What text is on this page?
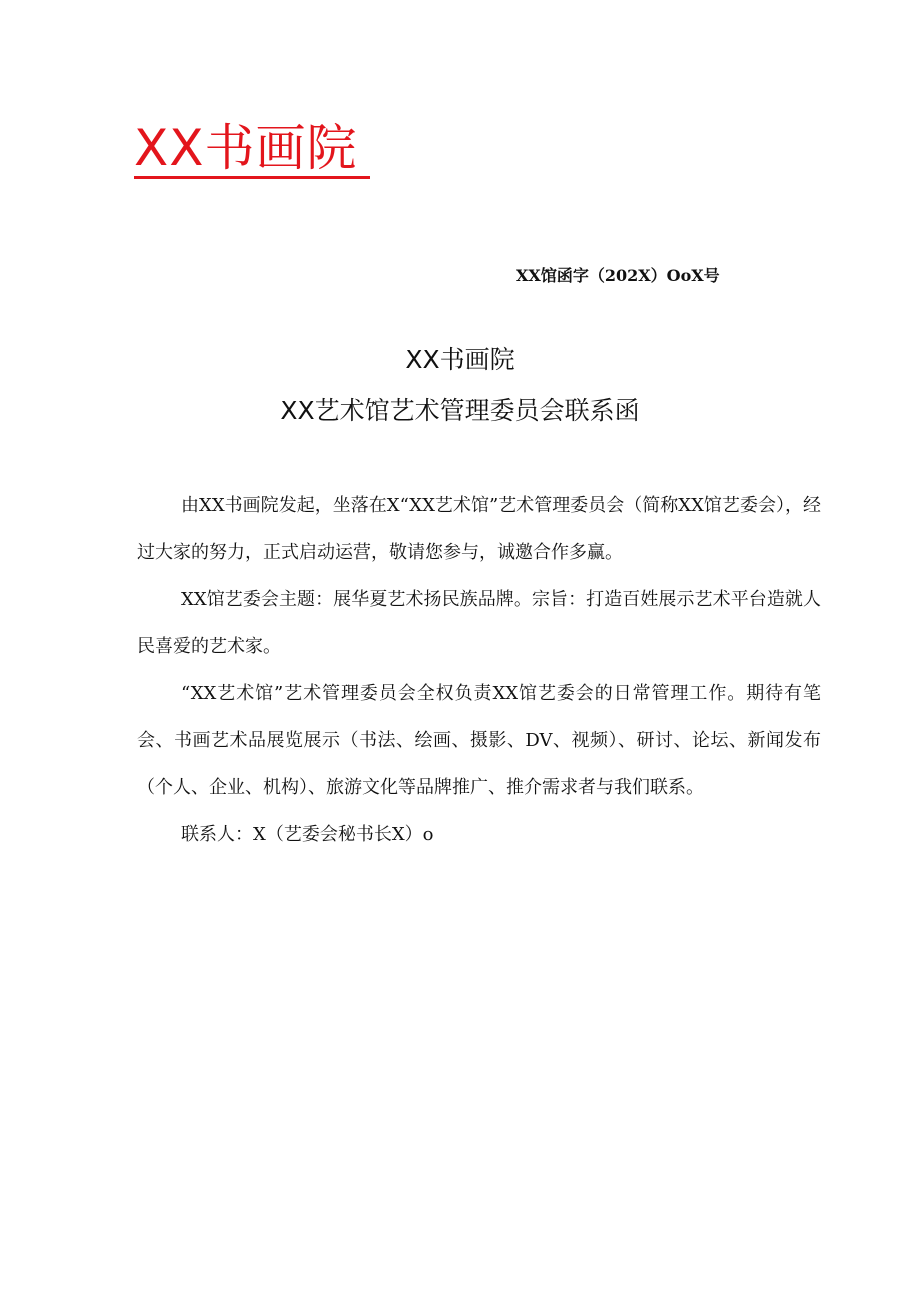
XX书画院
XX馆函字（202X）OoX号
XX书画院
XX艺术馆艺术管理委员会联系函

由XX书画院发起，坐落在X“XX艺术馆”艺术管理委员会（简称XX馆艺委会），经过大家的努力，正式启动运营，敬请您参与，诚邀合作多赢。

XX馆艺委会主题：展华夏艺术扬民族品牌。宗旨：打造百姓展示艺术平台造就人民喜爱的艺术家。

“XX艺术馆”艺术管理委员会全权负责XX馆艺委会的日常管理工作。期待有笔会、书画艺术品展览展示（书法、绘画、摄影、DV、视频）、研讨、论坛、新闻发布（个人、企业、机构）、旅游文化等品牌推广、推介需求者与我们联系。

联系人：X（艺委会秘书长X）o
